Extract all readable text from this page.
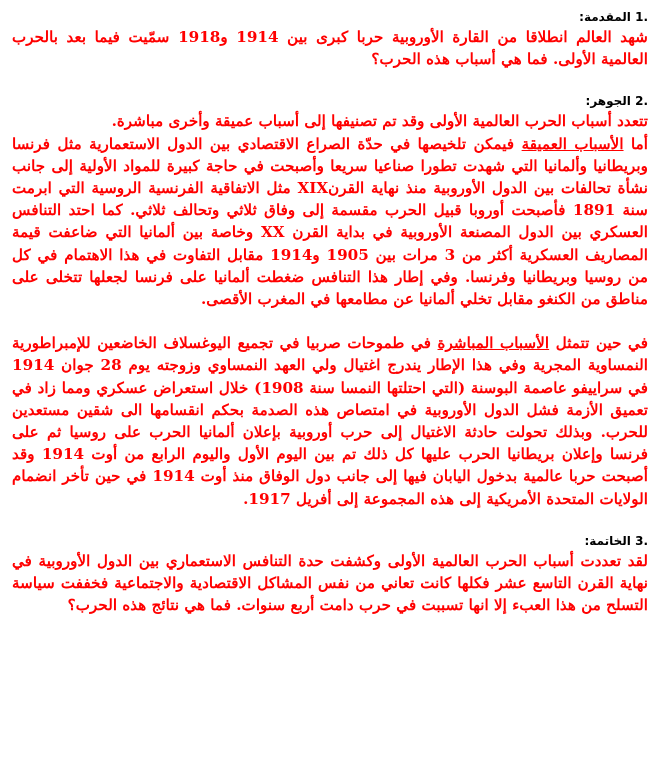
.1 المقدمة:

شهد العالم انطلاقا من القارة الأوروبية حربا كبرى بين 1914 و1918 سمّيت فيما بعد بالحرب العالمية الأولى. فما هي أسباب هذه الحرب؟

.2 الجوهر:

تتعدد أسباب الحرب العالمية الأولى وقد تم تصنيفها إلى أسباب عميقة وأخرى مباشرة.
أما الأسباب العميقة فيمكن تلخيصها في حدّة الصراع الاقتصادي بين الدول الاستعمارية مثل فرنسا وبريطانيا وألمانيا التي شهدت تطورا صناعيا سريعا وأصبحت في حاجة كبيرة للمواد الأولية إلى جانب نشأة تحالفات بين الدول الأوروبية منذ نهاية القرنXIX مثل الاتفاقية الفرنسية الروسية التي ابرمت سنة 1891 فأصبحت أوروبا قبيل الحرب مقسمة إلى وفاق ثلاثي وتحالف ثلاثي. كما احتد التنافس العسكري بين الدول المصنعة الأوروبية في بداية القرن XX وخاصة بين ألمانيا التي ضاعفت قيمة المصاريف العسكرية أكثر من 3 مرات بين 1905 و1914 مقابل التفاوت في هذا الاهتمام في كل من روسيا وبريطانيا وفرنسا. وفي إطار هذا التنافس ضغطت ألمانيا على فرنسا لجعلها تتخلى على مناطق من الكنغو مقابل تخلي ألمانيا عن مطامعها في المغرب الأقصى.

في حين تتمثل الأسباب المباشرة في طموحات صربيا في تجميع اليوغسلاف الخاضعين للإمبراطورية النمساوية المجرية وفي هذا الإطار يندرج اغتيال ولي العهد النمساوي وزوجته يوم 28 جوان 1914 في سراييفو عاصمة البوسنة (التي احتلتها النمسا سنة 1908) خلال استعراض عسكري ومما زاد في تعميق الأزمة فشل الدول الأوروبية في امتصاص هذه الصدمة بحكم انقسامها الى شقين مستعدين للحرب. وبذلك تحولت حادثة الاغتيال إلى حرب أوروبية بإعلان ألمانيا الحرب على روسيا ثم على فرنسا وإعلان بريطانيا الحرب عليها كل ذلك تم بين اليوم الأول واليوم الرابع من أوت 1914 وقد أصبحت حربا عالمية بدخول اليابان فيها إلى جانب دول الوفاق منذ أوت 1914 في حين تأخر انضمام الولايات المتحدة الأمريكية إلى هذه المجموعة إلى أفريل 1917.

.3 الخاتمة:

لقد تعددت أسباب الحرب العالمية الأولى وكشفت حدة التنافس الاستعماري بين الدول الأوروبية في نهاية القرن التاسع عشر فكلها كانت تعاني من نفس المشاكل الاقتصادية والاجتماعية فخففت سياسة التسلح من هذا العبء إلا انها تسببت في حرب دامت أربع سنوات. فما هي نتائج هذه الحرب؟
